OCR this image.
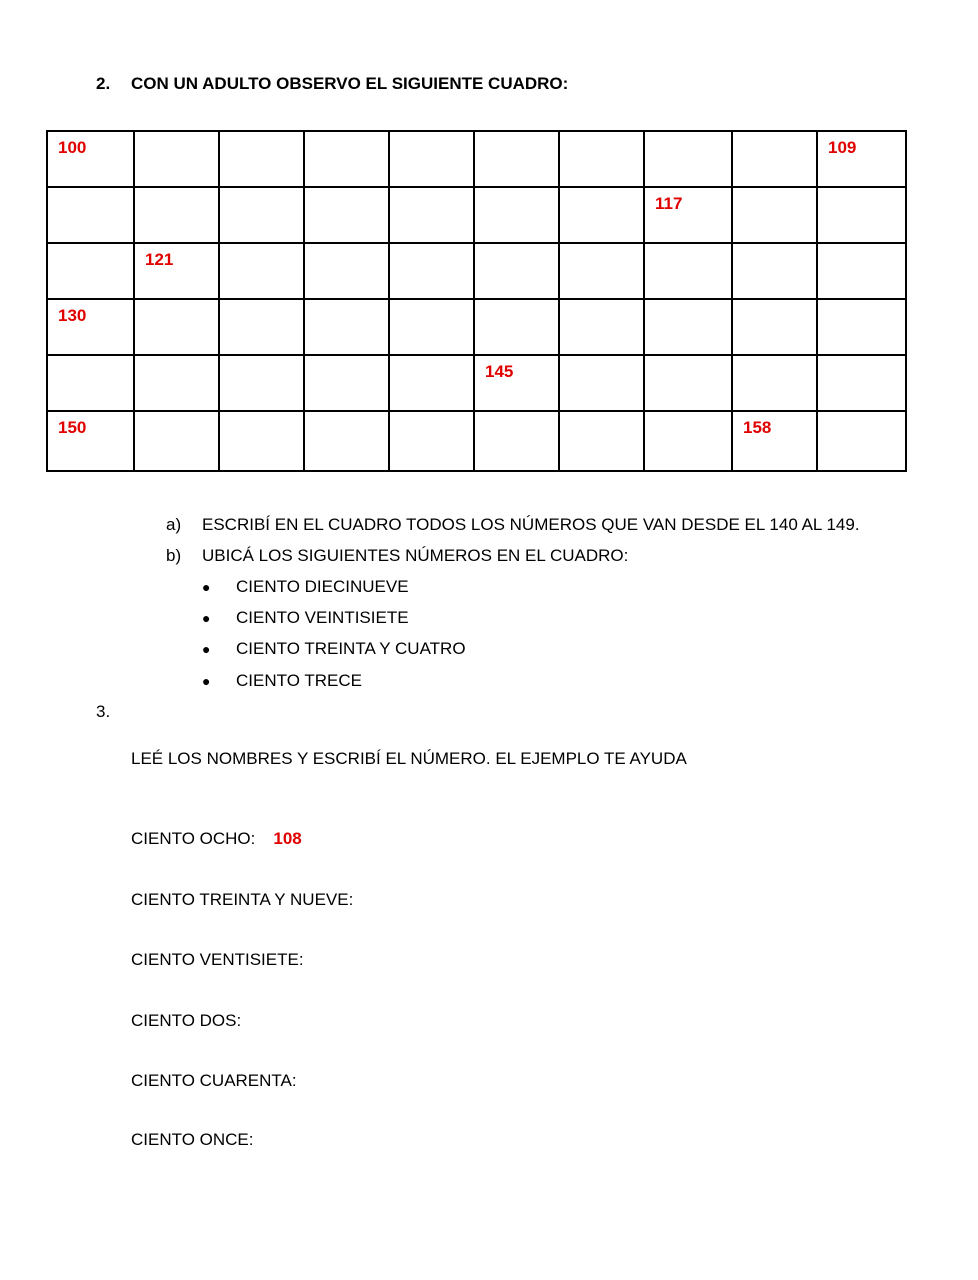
2. CON UN ADULTO OBSERVO EL SIGUIENTE CUADRO:
100									109

							117		

	121								

130									

					145				

150								158	

a) ESCRIBÍ EN EL CUADRO TODOS LOS NÚMEROS QUE VAN DESDE EL 140 AL 149.
b) UBICÁ LOS SIGUIENTES NÚMEROS EN EL CUADRO:
● CIENTO DIECINUEVE
● CIENTO VEINTISIETE
● CIENTO TREINTA Y CUATRO
● CIENTO TRECE
3.
LEÉ LOS NOMBRES Y ESCRIBÍ EL NÚMERO. EL EJEMPLO TE AYUDA
CIENTO OCHO: 108
CIENTO TREINTA Y NUEVE:
CIENTO VENTISIETE:
CIENTO DOS:
CIENTO CUARENTA:
CIENTO ONCE:
